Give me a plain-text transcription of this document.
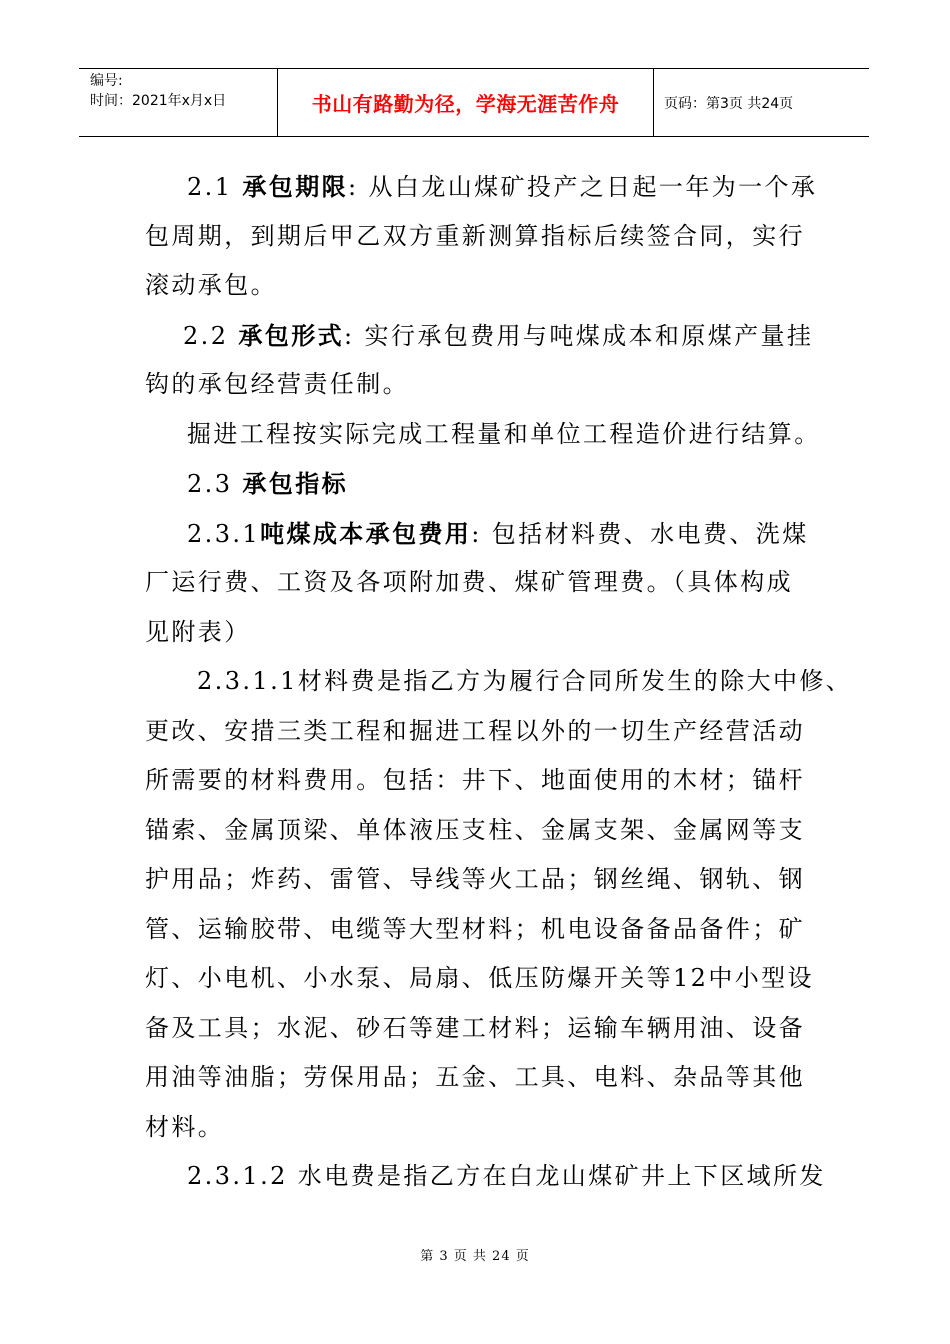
编号:
时间：2021年x月x日	书山有路勤为径，学海无涯苦作舟	页码：第3页 共24页
2.1 承包期限: 从白龙山煤矿投产之日起一年为一个承
包周期，到期后甲乙双方重新测算指标后续签合同，实行
滚动承包。
2.2 承包形式: 实行承包费用与吨煤成本和原煤产量挂
钩的承包经营责任制。
掘进工程按实际完成工程量和单位工程造价进行结算。
2.3 承包指标
2.3.1吨煤成本承包费用: 包括材料费、水电费、洗煤
厂运行费、工资及各项附加费、煤矿管理费。（具体构成
见附表）
2.3.1.1材料费是指乙方为履行合同所发生的除大中修、
更改、安措三类工程和掘进工程以外的一切生产经营活动
所需要的材料费用。包括：井下、地面使用的木材；锚杆
锚索、金属顶梁、单体液压支柱、金属支架、金属网等支
护用品；炸药、雷管、导线等火工品；钢丝绳、钢轨、钢
管、运输胶带、电缆等大型材料；机电设备备品备件；矿
灯、小电机、小水泵、局扇、低压防爆开关等12中小型设
备及工具；水泥、砂石等建工材料；运输车辆用油、设备
用油等油脂；劳保用品；五金、工具、电料、杂品等其他
材料。
2.3.1.2 水电费是指乙方在白龙山煤矿井上下区域所发
第 3 页 共 24 页
